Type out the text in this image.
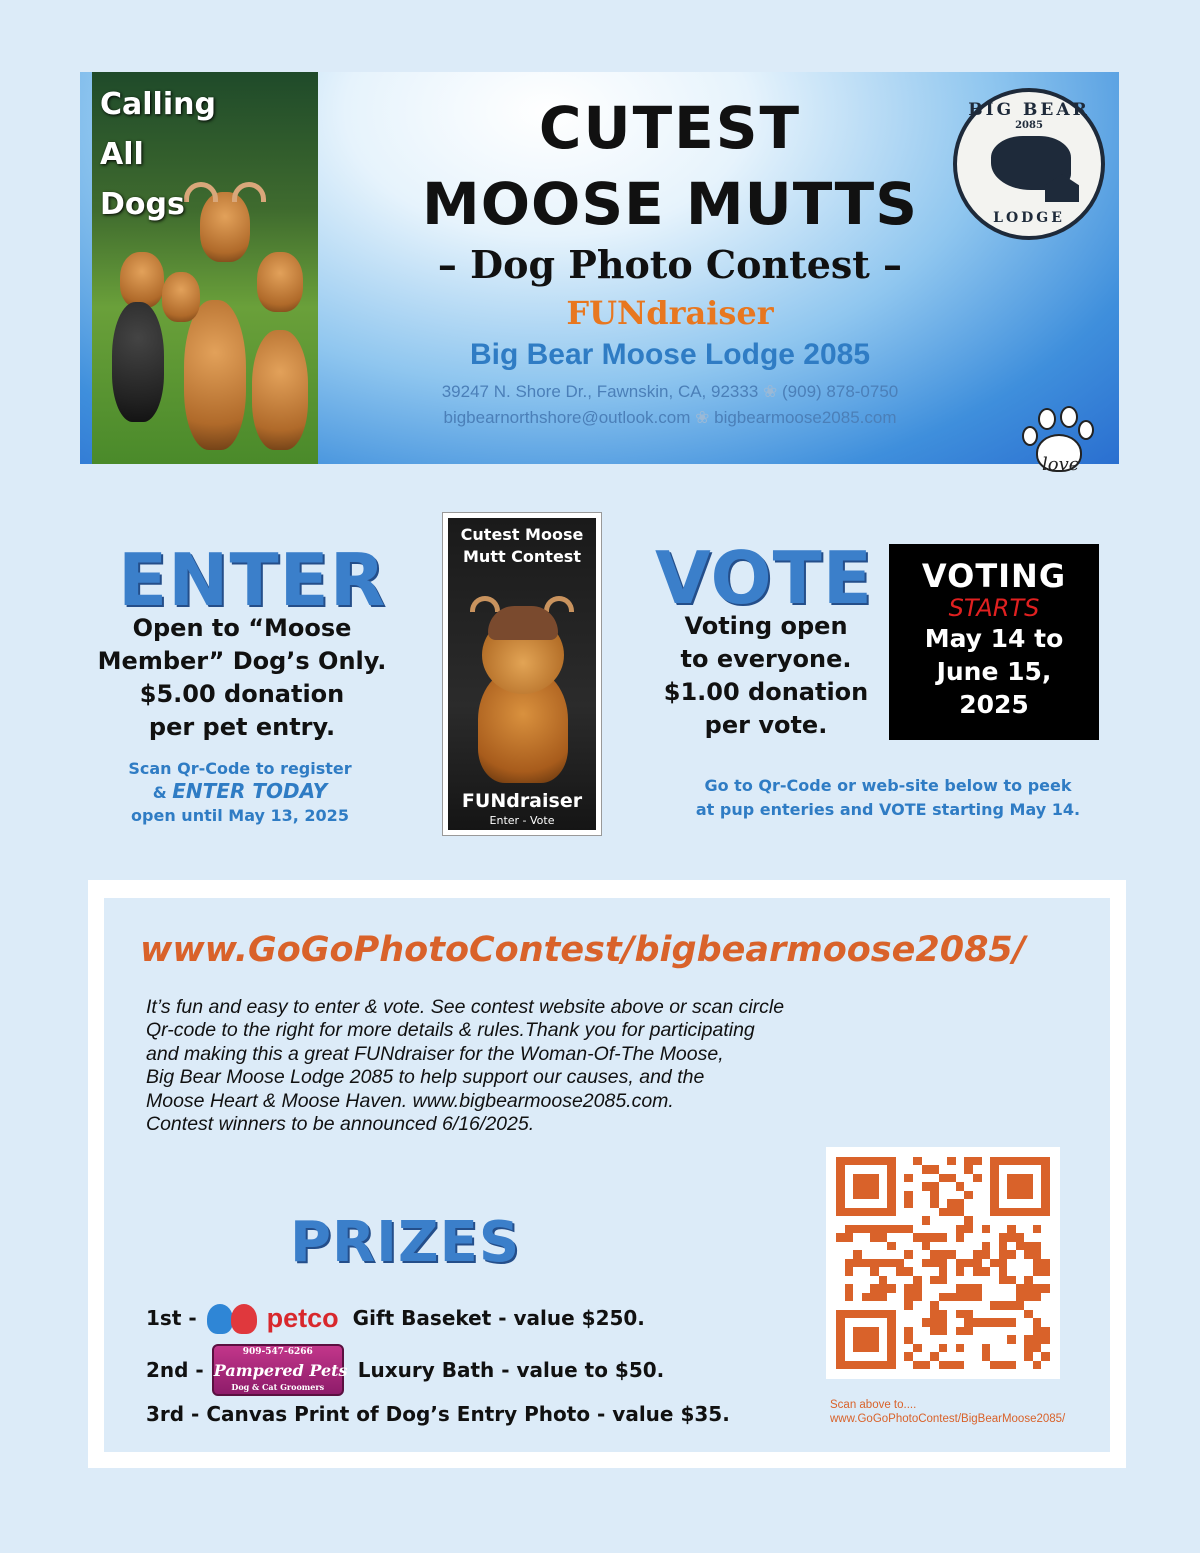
Calling
All
Dogs
CUTEST
MOOSE MUTTS
– Dog Photo Contest –
FUNdraiser
Big Bear Moose Lodge 2085
39247 N. Shore Dr., Fawnskin, CA, 92333 ❀ (909) 878-0750
bigbearnorthshore@outlook.com ❀ bigbearmoose2085.com
BIG BEAR
2085
LODGE
love
ENTER
Open to “Moose
Member” Dog’s Only.
$5.00 donation
per pet entry.
Scan Qr-Code to register
& ENTER TODAY
open until May 13, 2025
Cutest Moose
Mutt Contest
FUNdraiser
Enter - Vote
VOTE
Voting open
to everyone.
$1.00 donation
per vote.
VOTING
STARTS
May 14 to
June 15,
2025
Go to Qr-Code or web-site below to peek
at pup enteries and VOTE starting May 14.
www.GoGoPhotoContest/bigbearmoose2085/
It’s fun and easy to enter & vote. See contest website above or scan circle
Qr-code to the right for more details & rules.Thank you for participating
and making this a great FUNdraiser for the Woman-Of-The Moose,
Big Bear Moose Lodge 2085 to help support our causes, and the
Moose Heart & Moose Haven. www.bigbearmoose2085.com.
Contest winners to be announced 6/16/2025.
PRIZES
1st -	petco Gift Baseket - value $250.
2nd -
909-547-6266
Pampered Pets
Dog & Cat Groomers
Luxury Bath - value to $50.
3rd - Canvas Print of Dog’s Entry Photo - value $35.	Scan above to....
www.GoGoPhotoContest/BigBearMoose2085/
